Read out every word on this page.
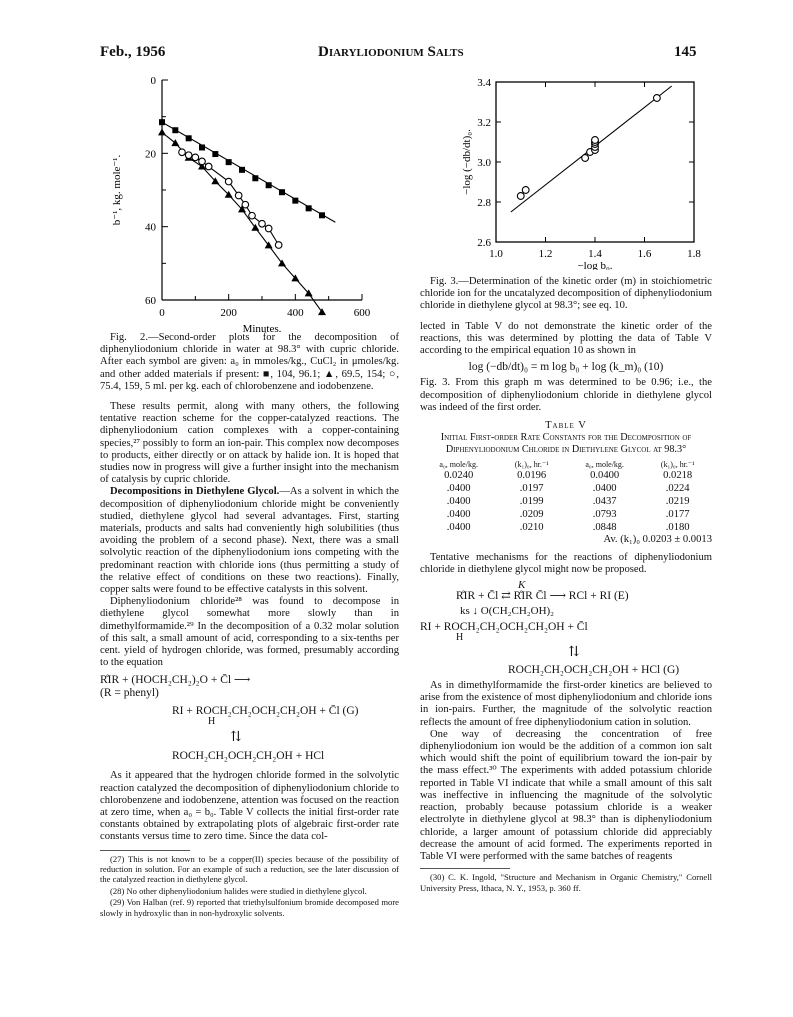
Feb., 1956	Diaryliodonium Salts	145
0
20
40
60
0	200	400	600
Minutes.
b⁻¹, kg. mole⁻¹.
3.4
3.2
3.0
2.8
2.6
1.0	1.2	1.4	1.6	1.8
−log b₀.
−log (−db/dt)₀.
Fig. 2.—Second-order plots for the decomposition of diphenyliodonium chloride in water at 98.3° with cupric chloride. After each symbol are given: a₀ in mmoles/kg., CuCl₂ in μmoles/kg. and other added materials if present: ■, 104, 96.1; ▲, 69.5, 154; ○, 75.4, 159, 5 ml. per kg. each of chlorobenzene and iodobenzene.

These results permit, along with many others, the following tentative reaction scheme for the copper-catalyzed reactions. The diphenyliodonium cation complexes with a copper-containing species,²⁷ possibly to form an ion-pair. This complex now decomposes to products, either directly or on attack by halide ion. It is hoped that studies now in progress will give a further insight into the mechanism of catalysis by cupric chloride.

Decompositions in Diethylene Glycol.—As a solvent in which the decomposition of diphenyliodonium chloride might be conveniently studied, diethylene glycol had several advantages. First, starting materials, products and salts had conveniently high solubilities (thus avoiding the problem of a second phase). Next, there was a small solvolytic reaction of the diphenyliodonium ions competing with the predominant reaction with chloride ions (thus permitting a study of the relative effect of conditions on these two reactions). Finally, copper salts were found to be effective catalysts in this solvent.

Diphenyliodonium chloride²⁸ was found to decompose in diethylene glycol somewhat more slowly than in dimethylformamide.²⁹ In the decomposition of a 0.32 molar solution of this salt, a small amount of acid, corresponding to a six-tenths per cent. yield of hydrogen chloride, was formed, presumably according to the equation

R̊IR + (HOCH₂CH₂)₂O + C̄l ⟶
(R = phenyl)
RI + ROCH₂CH₂OCH₂CH₂OH + C̄l (G)
H
⇅
ROCH₂CH₂OCH₂CH₂OH + HCl

As it appeared that the hydrogen chloride formed in the solvolytic reaction catalyzed the decomposition of diphenyliodonium chloride to chlorobenzene and iodobenzene, attention was focused on the reaction at zero time, when a₀ = b₀. Table V collects the initial first-order rate constants obtained by extrapolating plots of algebraic first-order rate constants versus time to zero time. Since the data col-

(27) This is not known to be a copper(II) species because of the possibility of reduction in solution. For an example of such a reduction, see the later discussion of the catalyzed reaction in diethylene glycol.

(28) No other diphenyliodonium halides were studied in diethylene glycol.

(29) Von Halban (ref. 9) reported that triethylsulfonium bromide decomposed more slowly in hydroxylic than in non-hydroxylic solvents.

Fig. 3.—Determination of the kinetic order (m) in stoichiometric chloride ion for the uncatalyzed decomposition of diphenyliodonium chloride in diethylene glycol at 98.3°; see eq. 10.
lected in Table V do not demonstrate the kinetic order of the reactions, this was determined by plotting the data of Table V according to the empirical equation 10 as shown in
log (−db/dt)₀ = m log b₀ + log (k_m)₀ (10)
Fig. 3. From this graph m was determined to be 0.96; i.e., the decomposition of diphenyliodonium chloride in diethylene glycol was indeed of the first order.
Table V
Initial First-order Rate Constants for the Decomposition of Diphenyliodonium Chloride in Diethylene Glycol at 98.3°
a₀, mole/kg.	(k₁)₀, hr.⁻¹	a₀, mole/kg.	(k₁)₀, hr.⁻¹
0.0240	0.0196	0.0400	0.0218
.0400	.0197	.0400	.0224
.0400	.0199	.0437	.0219
.0400	.0209	.0793	.0177
.0400	.0210	.0848	.0180
Av. (k₁)₀ 0.0203 ± 0.0013

Tentative mechanisms for the reactions of diphenyliodonium chloride in diethylene glycol might now be proposed.

K
R̊IR + C̄l ⇄ R̊IR C̄l ⟶ RCl + RI (E)
ks ↓ O(CH₂CH₂OH)₂
RI + ROCH₂CH₂OCH₂CH₂OH + C̄l
H
⇅
ROCH₂CH₂OCH₂CH₂OH + HCl (G)

As in dimethylformamide the first-order kinetics are believed to arise from the existence of most diphenyliodonium and chloride ions in ion-pairs. Further, the magnitude of the solvolytic reaction reflects the amount of free diphenyliodonium cation in solution.

One way of decreasing the concentration of free diphenyliodonium ion would be the addition of a common ion salt which would shift the point of equilibrium toward the ion-pair by the mass effect.³⁰ The experiments with added potassium chloride reported in Table VI indicate that while a small amount of this salt was ineffective in influencing the magnitude of the solvolytic reaction, probably because potassium chloride is a weaker electrolyte in diethylene glycol at 98.3° than is diphenyliodonium chloride, a larger amount of potassium chloride did appreciably decrease the amount of acid formed. The experiments reported in Table VI were performed with the same batches of reagents

(30) C. K. Ingold, "Structure and Mechanism in Organic Chemistry," Cornell University Press, Ithaca, N. Y., 1953, p. 360 ff.
